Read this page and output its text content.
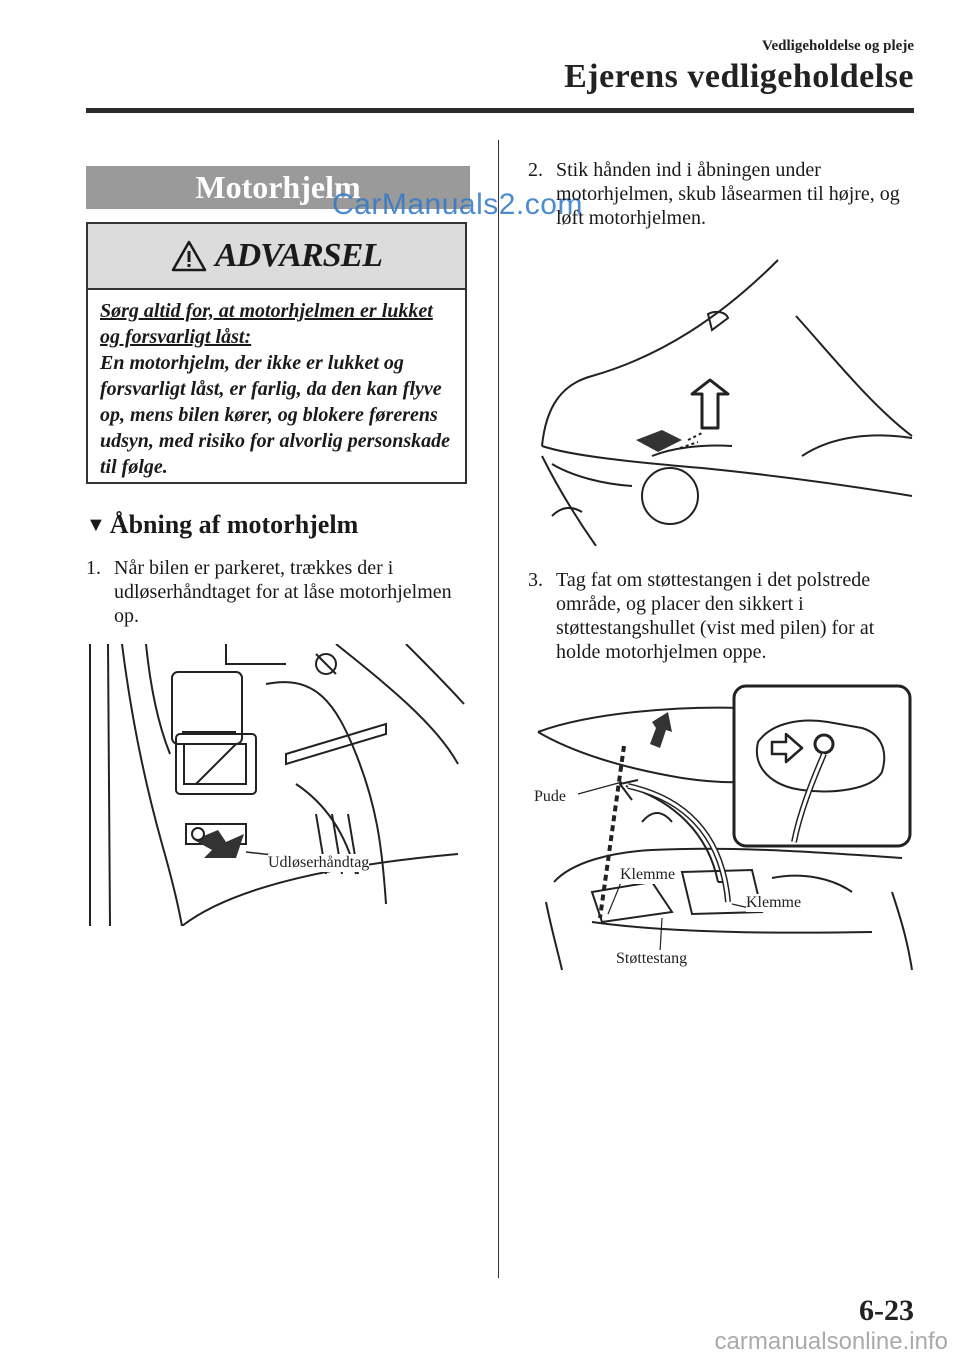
Vedligeholdelse og pleje
Ejerens vedligeholdelse
Motorhjelm
CarManuals2.com
ADVARSEL
Sørg altid for, at motorhjelmen er lukket og forsvarligt låst:
En motorhjelm, der ikke er lukket og forsvarligt låst, er farlig, da den kan flyve op, mens bilen kører, og blokere førerens udsyn, med risiko for alvorlig personskade til følge.
▼ Åbning af motorhjelm
1. Når bilen er parkeret, trækkes der i udløserhåndtaget for at låse motorhjelmen op.
Udløserhåndtag
2. Stik hånden ind i åbningen under motorhjelmen, skub låsearmen til højre, og løft motorhjelmen.
3. Tag fat om støttestangen i det polstrede område, og placer den sikkert i støttestangshullet (vist med pilen) for at holde motorhjelmen oppe.
Pude
Klemme
Klemme
Støttestang
6-23
carmanualsonline.info
